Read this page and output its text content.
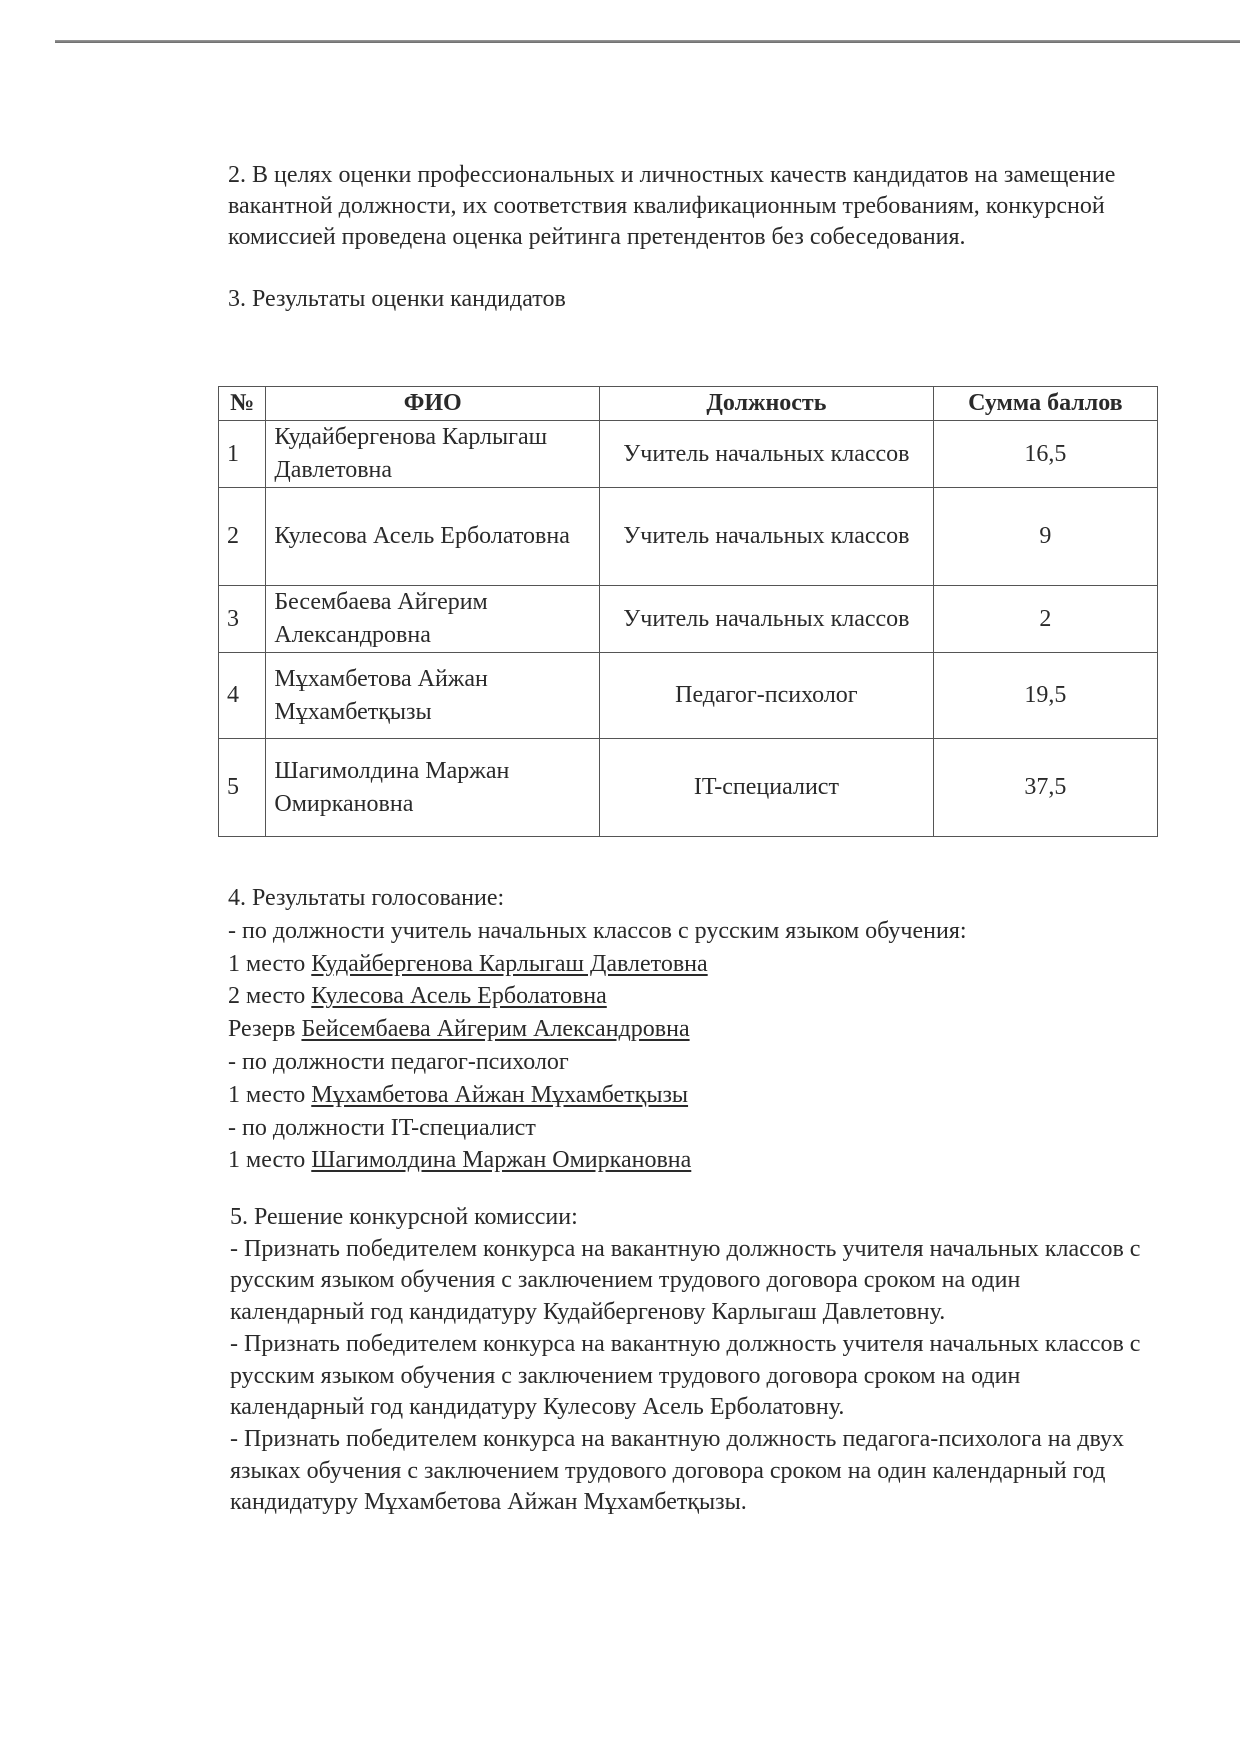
2. В целях оценки профессиональных и личностных качеств кандидатов на замещение вакантной должности, их соответствия квалификационным требованиям, конкурсной комиссией проведена оценка рейтинга претендентов без собеседования.

3. Результаты оценки кандидатов

№	ФИО	Должность	Сумма баллов
1	Кудайбергенова Карлыгаш Давлетовна	Учитель начальных классов	16,5
2	Кулесова Асель Ерболатовна	Учитель начальных классов	9
3	Бесембаева Айгерим Александровна	Учитель начальных классов	2
4	Мұхамбетова Айжан Мұхамбетқызы	Педагог-психолог	19,5
5	Шагимолдина Маржан Омиркановна	IT-специалист	37,5

4. Результаты голосование:

- по должности учитель начальных классов с русским языком обучения:

1 место Кудайбергенова Карлыгаш Давлетовна

2 место Кулесова Асель Ерболатовна

Резерв Бейсембаева Айгерим Александровна

- по должности педагог-психолог

1 место Мұхамбетова Айжан Мұхамбетқызы

- по должности IT-специалист

1 место Шагимолдина Маржан Омиркановна

5. Решение конкурсной комиссии:

- Признать победителем конкурса на вакантную должность учителя начальных классов с русским языком обучения с заключением трудового договора сроком на один календарный год кандидатуру Кудайбергенову Карлыгаш Давлетовну.

- Признать победителем конкурса на вакантную должность учителя начальных классов с русским языком обучения с заключением трудового договора сроком на один календарный год кандидатуру Кулесову Асель Ерболатовну.

- Признать победителем конкурса на вакантную должность педагога-психолога на двух языках обучения с заключением трудового договора сроком на один календарный год кандидатуру Мұхамбетова Айжан Мұхамбетқызы.
